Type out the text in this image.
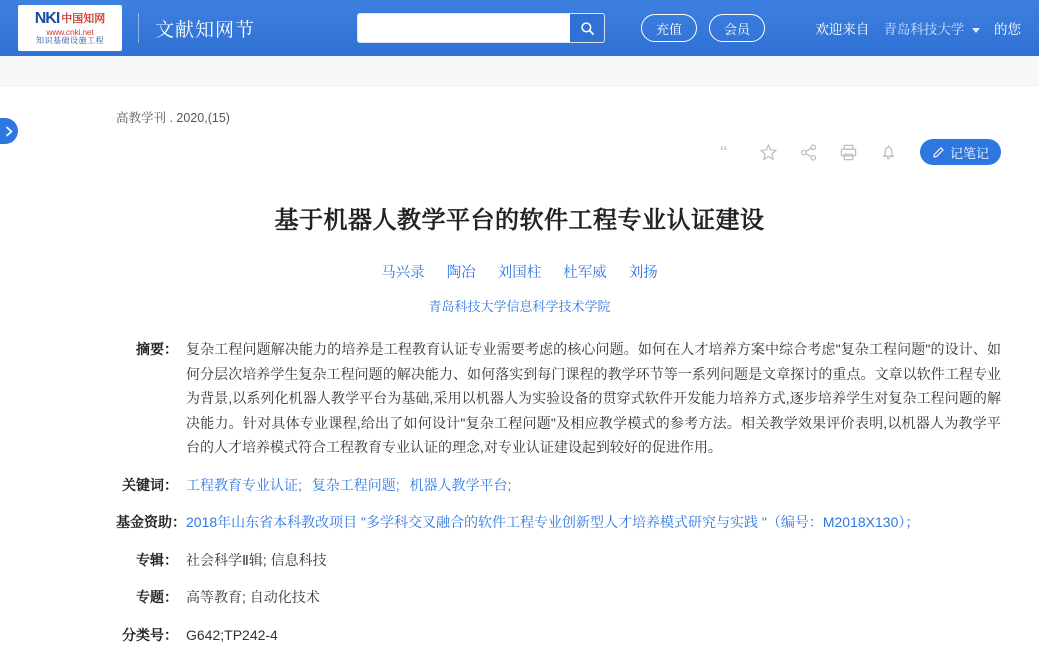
NKI 中国知网
www.cnki.net
知识基础设施工程	文献知网节	充值	会员	欢迎来自 青岛科技大学	的您
高教学刊 . 2020,(15)
“	记笔记
基于机器人教学平台的软件工程专业认证建设
马兴录 陶冶 刘国柱 杜军威 刘扬
青岛科技大学信息科学技术学院
摘要： 复杂工程问题解决能力的培养是工程教育认证专业需要考虑的核心问题。如何在人才培养方案中综合考虑"复杂工程问题"的设计、如何分层次培养学生复杂工程问题的解决能力、如何落实到每门课程的教学环节等一系列问题是文章探讨的重点。文章以软件工程专业为背景,以系列化机器人教学平台为基础,采用以机器人为实验设备的贯穿式软件开发能力培养方式,逐步培养学生对复杂工程问题的解决能力。针对具体专业课程,给出了如何设计"复杂工程问题"及相应教学模式的参考方法。相关教学效果评价表明,以机器人为教学平台的人才培养模式符合工程教育专业认证的理念,对专业认证建设起到较好的促进作用。
关键词： 工程教育专业认证; 复杂工程问题; 机器人教学平台;
基金资助： 2018年山东省本科教改项目 "多学科交叉融合的软件工程专业创新型人才培养模式研究与实践 "（编号：M2018X130）；
专辑： 社会科学Ⅱ辑; 信息科技
专题： 高等教育; 自动化技术
分类号： G642;TP242-4
